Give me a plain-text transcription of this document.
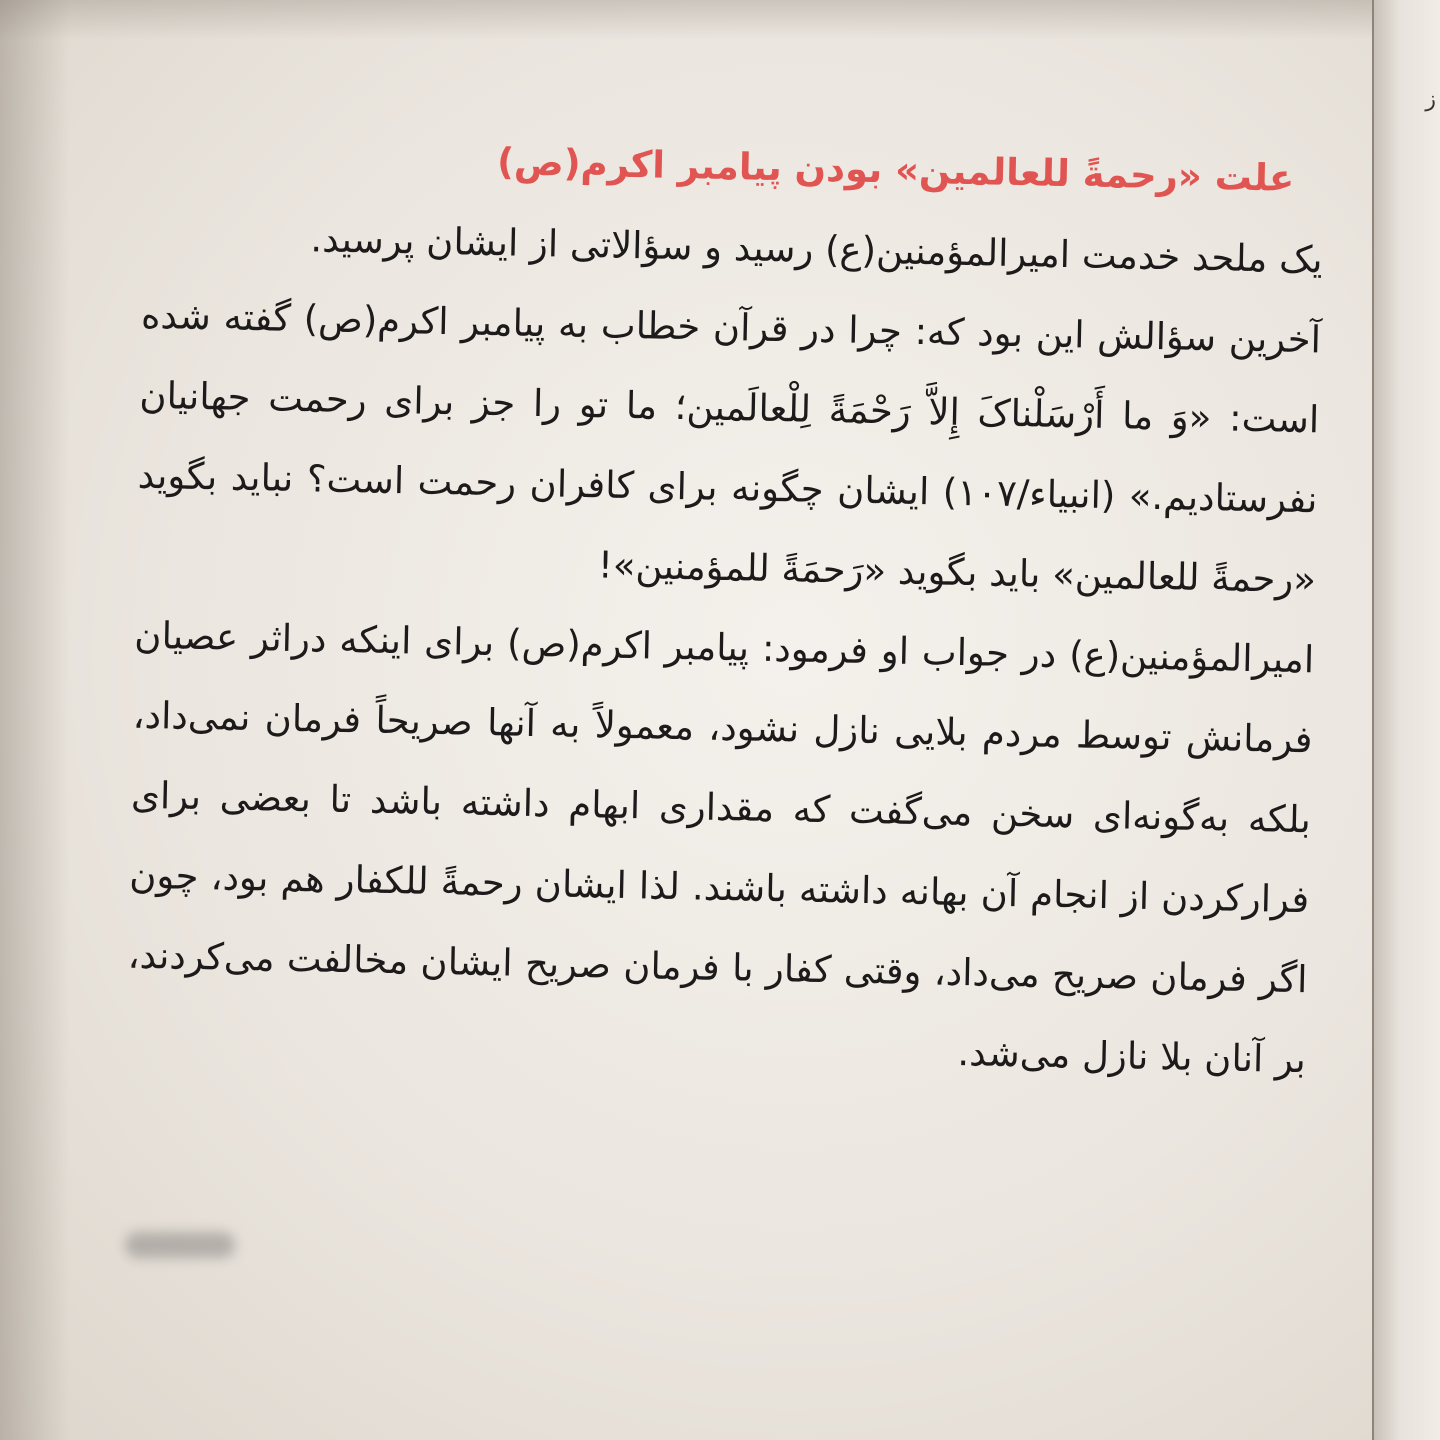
ز
علت «رحمةً للعالمین» بودن پیامبر اکرم(ص)

یک ملحد خدمت امیرالمؤمنین(ع) رسید و سؤالاتی از ایشان پرسید.

آخرین سؤالش این بود که: چرا در قرآن خطاب به پیامبر اکرم(ص) گفته شده است: «وَ ما أَرْسَلْناکَ إِلاَّ رَحْمَةً لِلْعالَمین؛ ما تو را جز برای رحمت جهانیان نفرستادیم.» (انبیاء/۱۰۷) ایشان چگونه برای کافران رحمت است؟ نباید بگوید «رحمةً للعالمین» باید بگوید «رَحمَةً للمؤمنین»!

امیرالمؤمنین(ع) در جواب او فرمود: پیامبر اکرم(ص) برای اینکه دراثر عصیان فرمانش توسط مردم بلایی نازل نشود، معمولاً به آنها صریحاً فرمان نمی‌داد، بلکه به‌گونه‌ای سخن می‌گفت که مقداری ابهام داشته باشد تا بعضی برای فرارکردن از انجام آن بهانه داشته باشند. لذا ایشان رحمةً للکفار هم بود، چون اگر فرمان صریح می‌داد، وقتی کفار با فرمان صریح ایشان مخالفت می‌کردند، بر آنان بلا نازل می‌شد.
